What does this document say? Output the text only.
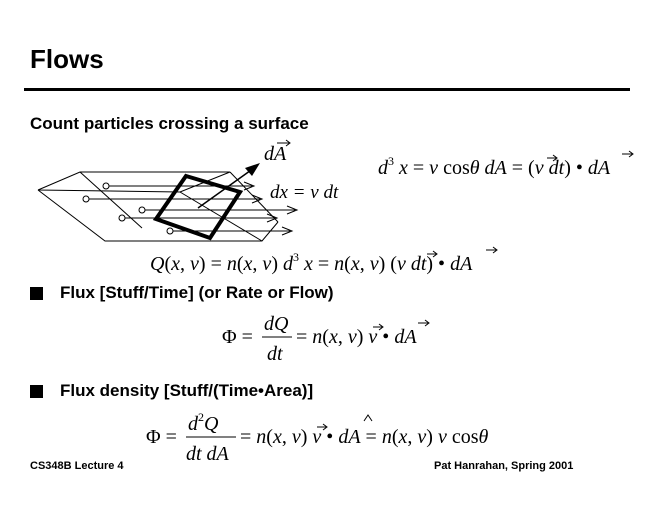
Flows
Count particles crossing a surface
dA
dx = v dt
$d^3$ x = v cosθ dA = (v dt) • dA
d³x = v cosθ dA = (v dt) • dA
Q(x, v) = n(x, v) $d^3$ x = n(x, v) (v dt) • dA
Q(x,v) = n(x,v) d³x = n(x,v) (v dt) • dA
Flux [Stuff/Time] (or Rate or Flow)
Φ =
dQ
dt
= n(x, v) v • dA
Φ = dQ/dt = n(x,v) v • dA
Flux density [Stuff/(Time•Area)]
Φ =
$d^2Q$
dt dA
= n(x, v) v • dA = n(x, v) v cosθ
Φ = d²Q/(dt dA) = n(x,v) v • dÂ = n(x,v) v cosθ
CS348B Lecture 4	Pat Hanrahan, Spring 2001
